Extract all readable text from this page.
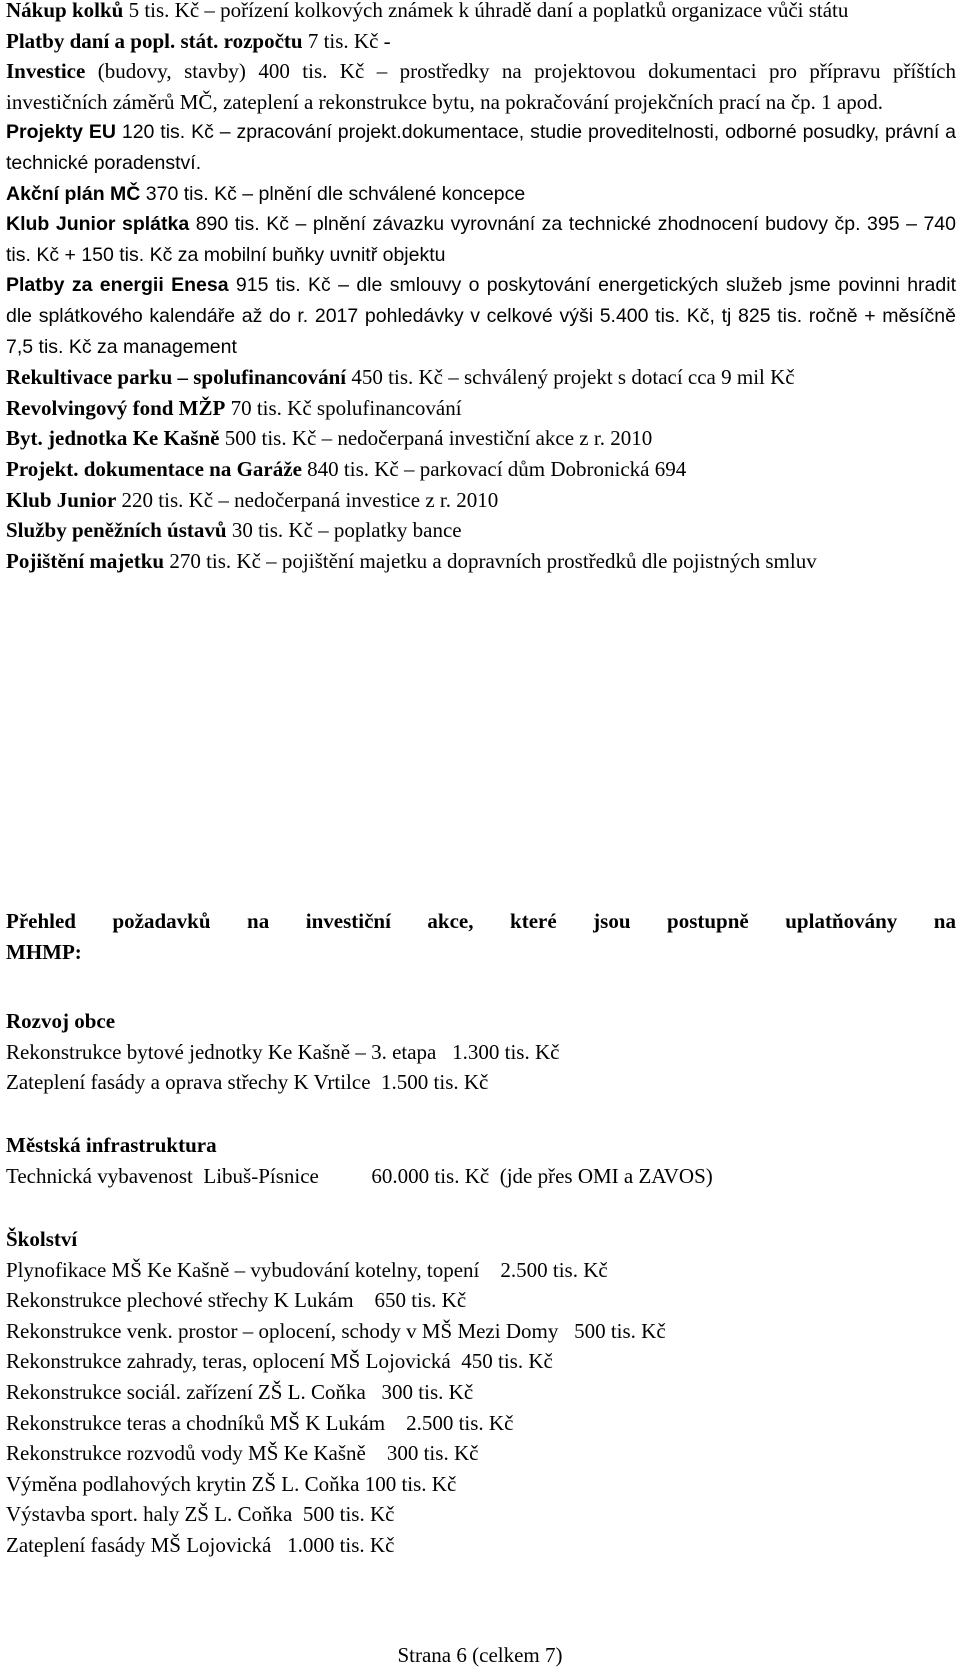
Nákup kolků 5 tis. Kč – pořízení kolkových známek k úhradě daní a poplatků organizace vůči státu

Platby daní a popl. stát. rozpočtu 7 tis. Kč -

Investice (budovy, stavby) 400 tis. Kč – prostředky na projektovou dokumentaci pro přípravu příštích investičních záměrů MČ, zateplení a rekonstrukce bytu, na pokračování projekčních prací na čp. 1 apod.

Projekty EU 120 tis. Kč – zpracování projekt.dokumentace, studie proveditelnosti, odborné posudky, právní a technické poradenství.

Akční plán MČ 370 tis. Kč – plnění dle schválené koncepce

Klub Junior splátka 890 tis. Kč – plnění závazku vyrovnání za technické zhodnocení budovy čp. 395 – 740 tis. Kč + 150 tis. Kč za mobilní buňky uvnitř objektu

Platby za energii Enesa 915 tis. Kč – dle smlouvy o poskytování energetických služeb jsme povinni hradit dle splátkového kalendáře až do r. 2017 pohledávky v celkové výši 5.400 tis. Kč, tj 825 tis. ročně + měsíčně 7,5 tis. Kč za management

Rekultivace parku – spolufinancování 450 tis. Kč – schválený projekt s dotací cca 9 mil Kč

Revolvingový fond MŽP 70 tis. Kč spolufinancování

Byt. jednotka Ke Kašně 500 tis. Kč – nedočerpaná investiční akce z r. 2010

Projekt. dokumentace na Garáže 840 tis. Kč – parkovací dům Dobronická 694

Klub Junior 220 tis. Kč – nedočerpaná investice z r. 2010

Služby peněžních ústavů 30 tis. Kč – poplatky bance

Pojištění majetku 270 tis. Kč – pojištění majetku a dopravních prostředků dle pojistných smluv

Přehled požadavků na investiční akce, které jsou postupně uplatňovány na
MHMP:

Rozvoj obce

Rekonstrukce bytové jednotky Ke Kašně – 3. etapa   1.300 tis. Kč

Zateplení fasády a oprava střechy K Vrtilce  1.500 tis. Kč

Městská infrastruktura

Technická vybavenost  Libuš-Písnice          60.000 tis. Kč  (jde přes OMI a ZAVOS)

Školství

Plynofikace MŠ Ke Kašně – vybudování kotelny, topení    2.500 tis. Kč

Rekonstrukce plechové střechy K Lukám    650 tis. Kč

Rekonstrukce venk. prostor – oplocení, schody v MŠ Mezi Domy   500 tis. Kč

Rekonstrukce zahrady, teras, oplocení MŠ Lojovická  450 tis. Kč

Rekonstrukce sociál. zařízení ZŠ L. Coňka   300 tis. Kč

Rekonstrukce teras a chodníků MŠ K Lukám    2.500 tis. Kč

Rekonstrukce rozvodů vody MŠ Ke Kašně    300 tis. Kč

Výměna podlahových krytin ZŠ L. Coňka 100 tis. Kč

Výstavba sport. haly ZŠ L. Coňka  500 tis. Kč

Zateplení fasády MŠ Lojovická   1.000 tis. Kč

Strana 6 (celkem 7)
